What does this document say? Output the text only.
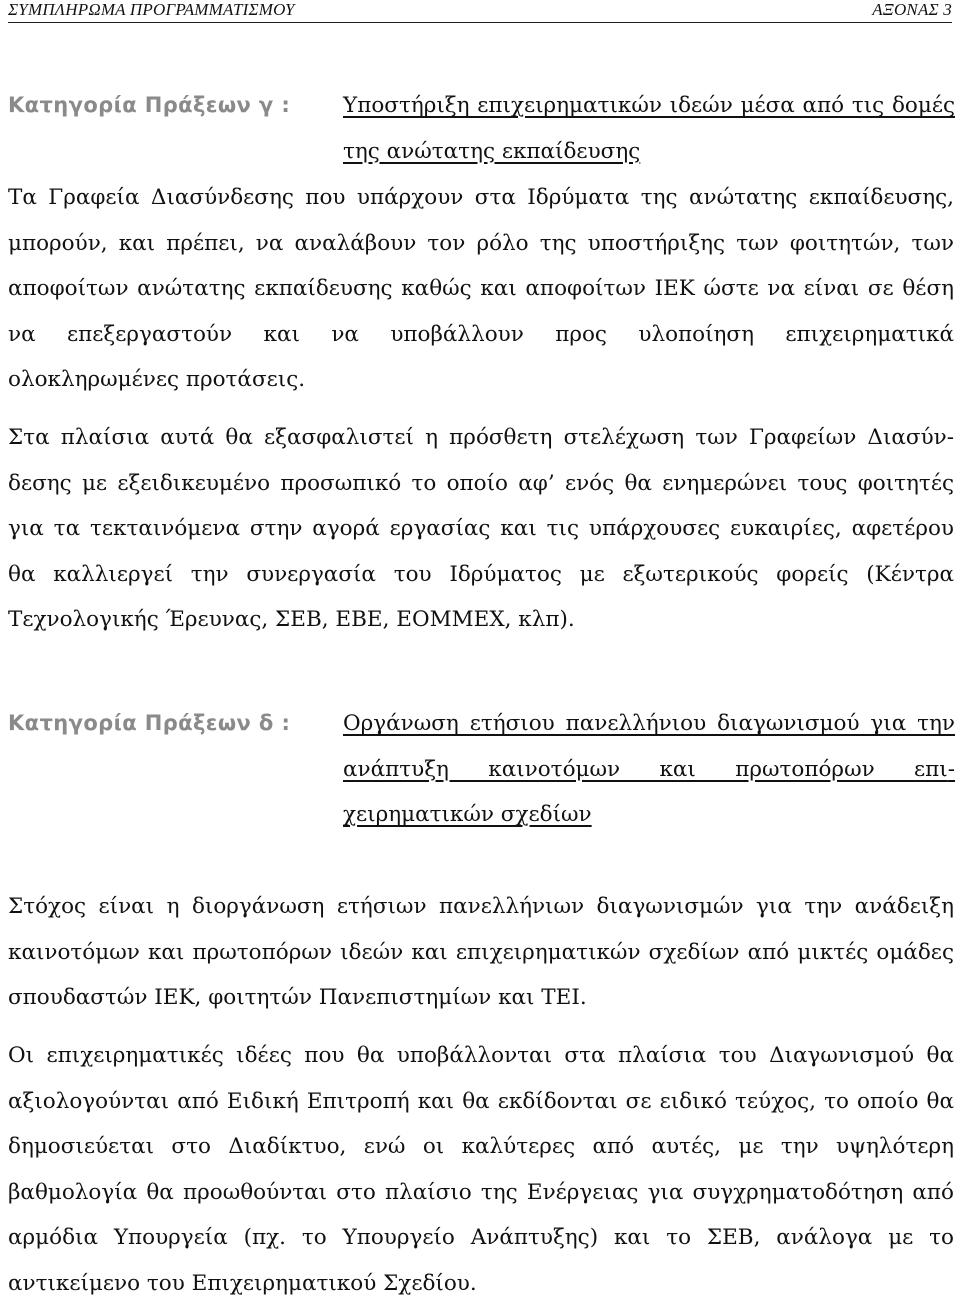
ΣΥΜΠΛΗΡΩΜΑ ΠΡΟΓΡΑΜΜΑΤΙΣΜΟΥ	ΑΞΟΝΑΣ 3
Κατηγορία Πράξεων γ : Υποστήριξη επιχειρηματικών ιδεών μέσα από τις δομές της ανώτατης εκπαίδευσης

Τα Γραφεία Διασύνδεσης που υπάρχουν στα Ιδρύματα της ανώτατης εκπαίδευσης, μπορούν, και πρέπει, να αναλάβουν τον ρόλο της υποστήριξης των φοιτητών, των αποφοίτων ανώτατης εκπαίδευσης καθώς και αποφοίτων ΙΕΚ ώστε να είναι σε θέση να επεξεργαστούν και να υποβάλλουν προς υλοποίηση επιχειρηματικά ολοκληρωμένες προτάσεις.

Στα πλαίσια αυτά θα εξασφαλιστεί η πρόσθετη στελέχωση των Γραφείων Διασύνδεσης με εξειδικευμένο προσωπικό το οποίο αφ’ ενός θα ενημερώνει τους φοιτητές για τα τεκταινόμενα στην αγορά εργασίας και τις υπάρχουσες ευκαιρίες, αφετέρου θα καλλιεργεί την συνεργασία του Ιδρύματος με εξωτερικούς φορείς (Κέντρα Τεχνολογικής Έρευνας, ΣΕΒ, ΕΒΕ, ΕΟΜΜΕΧ, κλπ).

Κατηγορία Πράξεων δ : Οργάνωση ετήσιου πανελλήνιου διαγωνισμού για την ανάπτυξη καινοτόμων και πρωτοπόρων επιχειρηματικών σχεδίων

Στόχος είναι η διοργάνωση ετήσιων πανελλήνιων διαγωνισμών για την ανάδειξη καινοτόμων και πρωτοπόρων ιδεών και επιχειρηματικών σχεδίων από μικτές ομάδες σπουδαστών ΙΕΚ, φοιτητών Πανεπιστημίων και ΤΕΙ.

Οι επιχειρηματικές ιδέες που θα υποβάλλονται στα πλαίσια του Διαγωνισμού θα αξιολογούνται από Ειδική Επιτροπή και θα εκδίδονται σε ειδικό τεύχος, το οποίο θα δημοσιεύεται στο Διαδίκτυο, ενώ οι καλύτερες από αυτές, με την υψηλότερη βαθμολογία θα προωθούνται στο πλαίσιο της Ενέργειας για συγχρηματοδότηση από αρμόδια Υπουργεία (πχ. το Υπουργείο Ανάπτυξης) και το ΣΕΒ, ανάλογα με το αντικείμενο του Επιχειρηματικού Σχεδίου.
